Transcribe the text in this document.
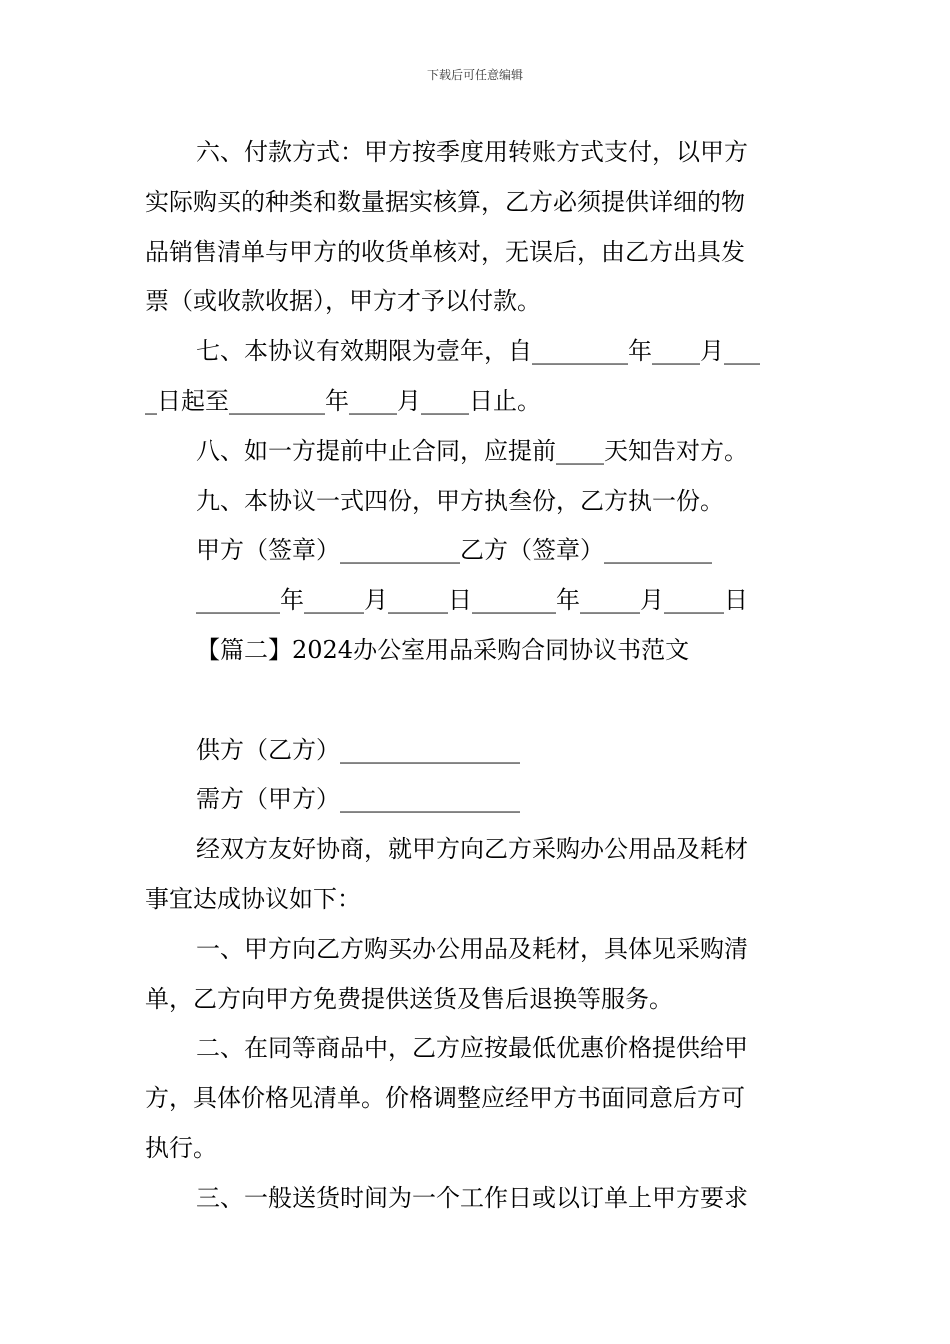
下载后可任意编辑
六、付款方式：甲方按季度用转账方式支付，以甲方
实际购买的种类和数量据实核算，乙方必须提供详细的物
品销售清单与甲方的收货单核对，无误后，由乙方出具发
票（或收款收据），甲方才予以付款。
七、本协议有效期限为壹年，自________年____月___
_日起至________年____月____日止。
八、如一方提前中止合同，应提前____天知告对方。
九、本协议一式四份，甲方执叁份，乙方执一份。
甲方（签章）__________乙方（签章）_________
_______年_____月_____日_______年_____月_____日
【篇二】2024办公室用品采购合同协议书范文
供方（乙方）_______________
需方（甲方）_______________
经双方友好协商，就甲方向乙方采购办公用品及耗材
事宜达成协议如下：
一、甲方向乙方购买办公用品及耗材，具体见采购清
单，乙方向甲方免费提供送货及售后退换等服务。
二、在同等商品中，乙方应按最低优惠价格提供给甲
方，具体价格见清单。价格调整应经甲方书面同意后方可
执行。
三、一般送货时间为一个工作日或以订单上甲方要求
